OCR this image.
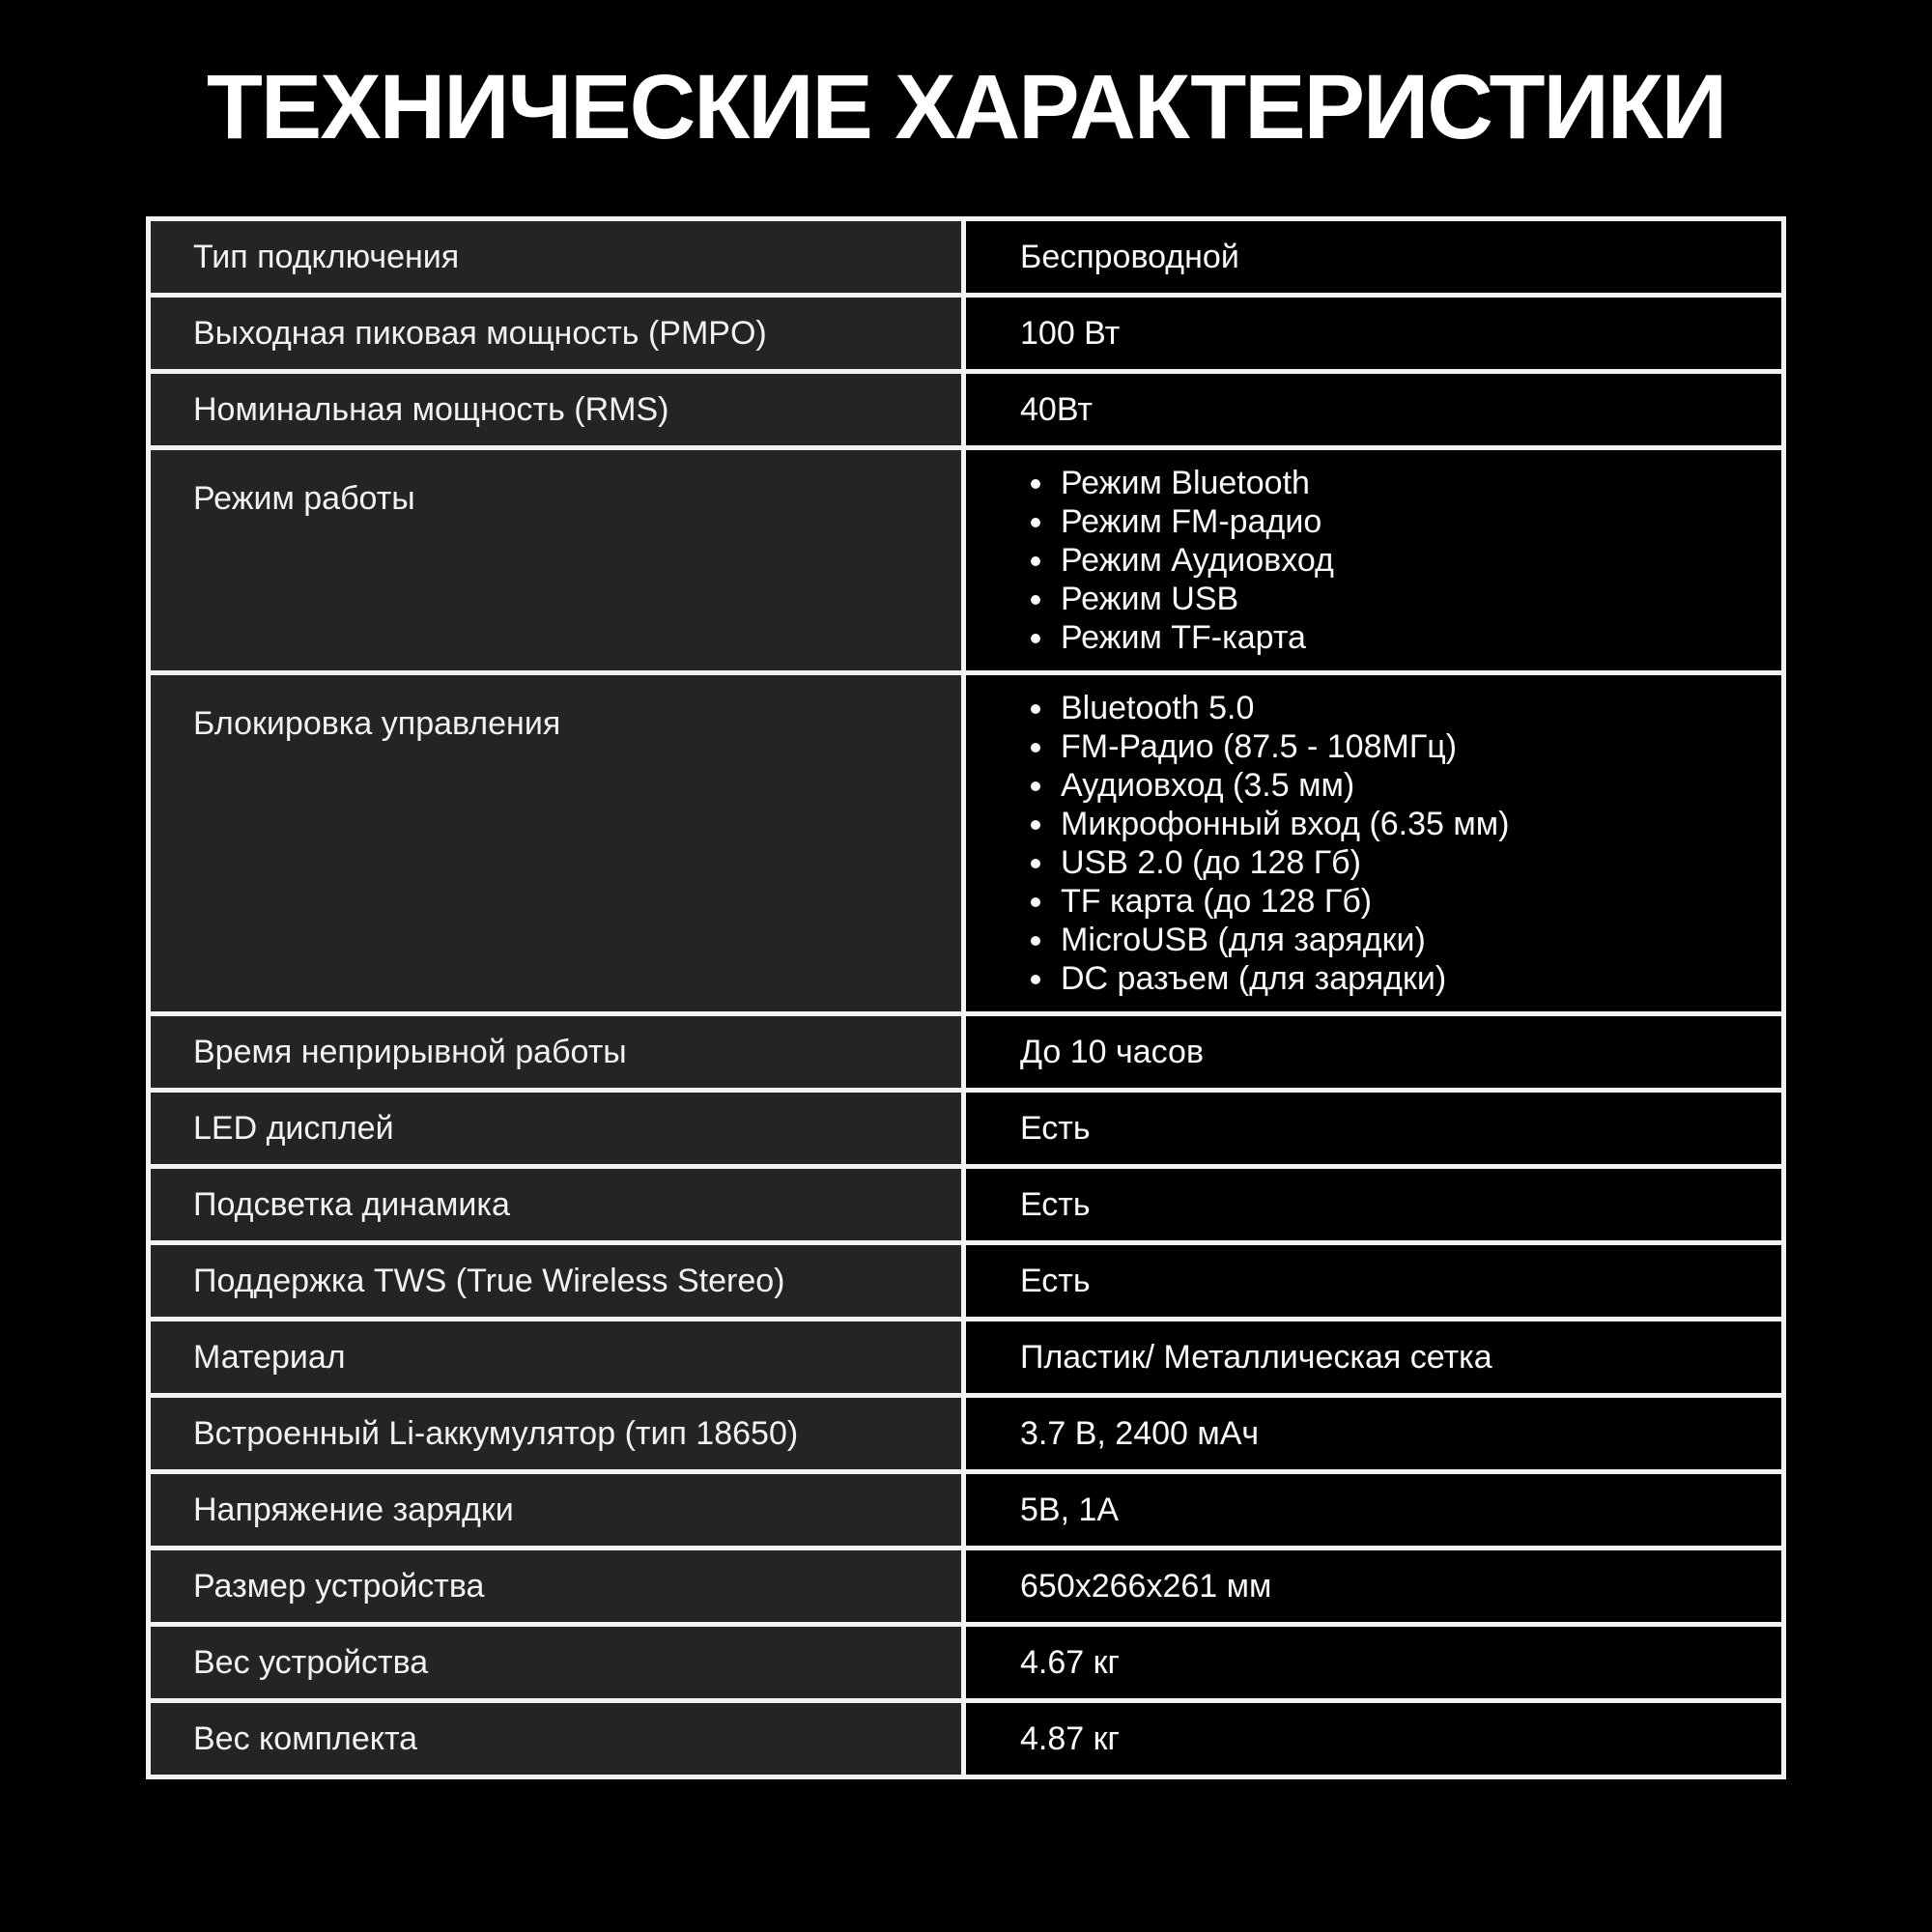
ТЕХНИЧЕСКИЕ ХАРАКТЕРИСТИКИ
Тип подключения	Беспроводной
Выходная пиковая мощность (PMPO)	100 Вт
Номинальная мощность (RMS)	40Вт
Режим работы	• Режим Bluetooth
• Режим FM-радио
• Режим Аудиовход
• Режим USB
• Режим TF-карта
Блокировка управления	• Bluetooth 5.0
• FM-Радио (87.5 - 108МГц)
• Аудиовход (3.5 мм)
• Микрофонный вход (6.35 мм)
• USB 2.0 (до 128 Гб)
• TF карта (до 128 Гб)
• MicroUSB (для зарядки)
• DC разъем (для зарядки)
Время неприрывной работы	До 10 часов
LED дисплей	Есть
Подсветка динамика	Есть
Поддержка TWS (True Wireless Stereo)	Есть
Материал	Пластик/ Металлическая сетка
Встроенный Li-аккумулятор (тип 18650)	3.7 В, 2400 мАч
Напряжение зарядки	5В, 1А
Размер устройства	650х266х261 мм
Вес устройства	4.67 кг
Вес комплекта	4.87 кг
